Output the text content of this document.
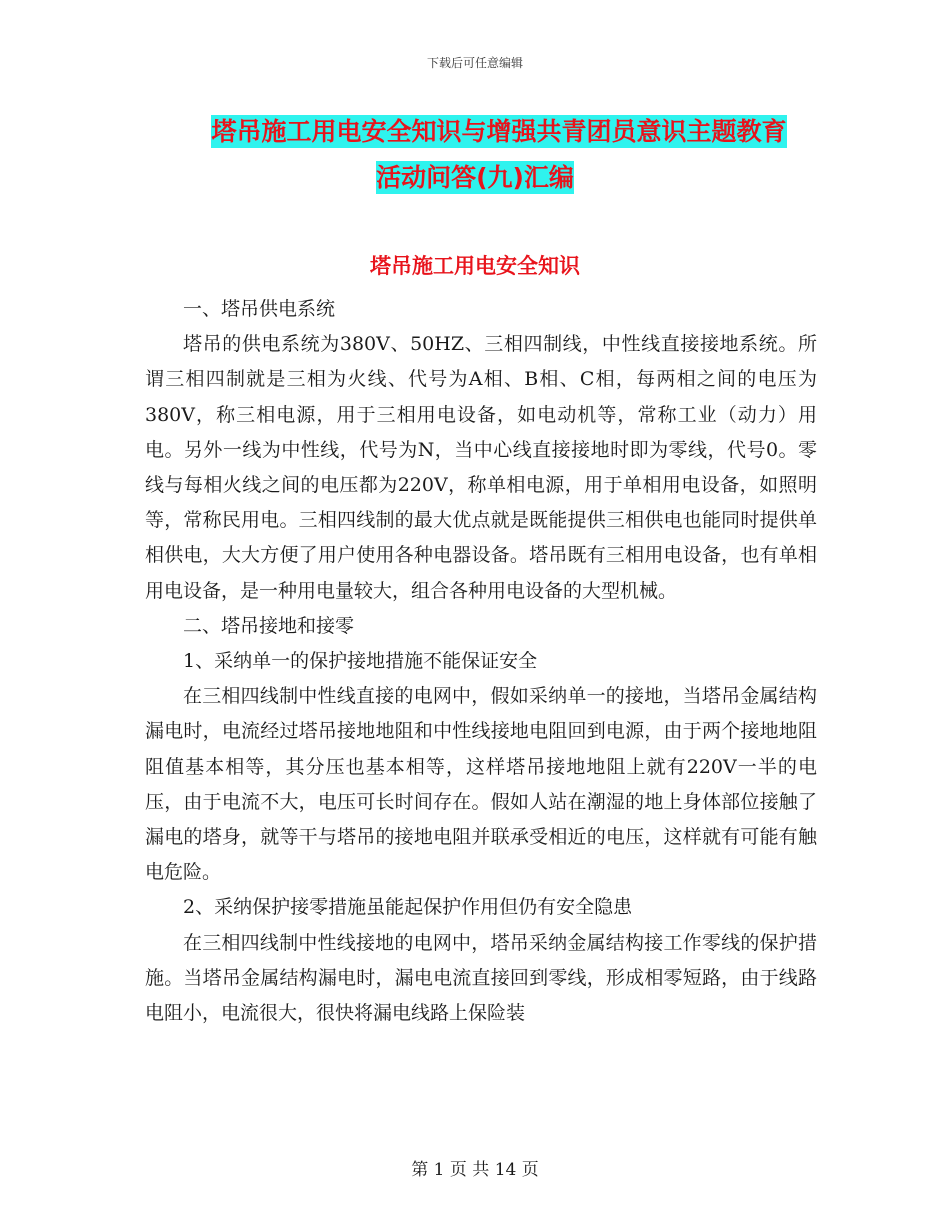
下载后可任意编辑
塔吊施工用电安全知识与增强共青团员意识主题教育
活动问答(九)汇编
塔吊施工用电安全知识

一、塔吊供电系统

塔吊的供电系统为380V、50HZ、三相四制线，中性线直接接地系统。所谓三相四制就是三相为火线、代号为A相、B相、C相，每两相之间的电压为380V，称三相电源，用于三相用电设备，如电动机等，常称工业（动力）用电。另外一线为中性线，代号为N，当中心线直接接地时即为零线，代号0。零线与每相火线之间的电压都为220V，称单相电源，用于单相用电设备，如照明等，常称民用电。三相四线制的最大优点就是既能提供三相供电也能同时提供单相供电，大大方便了用户使用各种电器设备。塔吊既有三相用电设备，也有单相用电设备，是一种用电量较大，组合各种用电设备的大型机械。

二、塔吊接地和接零

1、采纳单一的保护接地措施不能保证安全

在三相四线制中性线直接的电网中，假如采纳单一的接地，当塔吊金属结构漏电时，电流经过塔吊接地地阻和中性线接地电阻回到电源，由于两个接地地阻阻值基本相等，其分压也基本相等，这样塔吊接地地阻上就有220V一半的电压，由于电流不大，电压可长时间存在。假如人站在潮湿的地上身体部位接触了漏电的塔身，就等干与塔吊的接地电阻并联承受相近的电压，这样就有可能有触电危险。

2、采纳保护接零措施虽能起保护作用但仍有安全隐患

在三相四线制中性线接地的电网中，塔吊采纳金属结构接工作零线的保护措施。当塔吊金属结构漏电时，漏电电流直接回到零线，形成相零短路，由于线路电阻小，电流很大，很快将漏电线路上保险装

第 1 页 共 14 页
